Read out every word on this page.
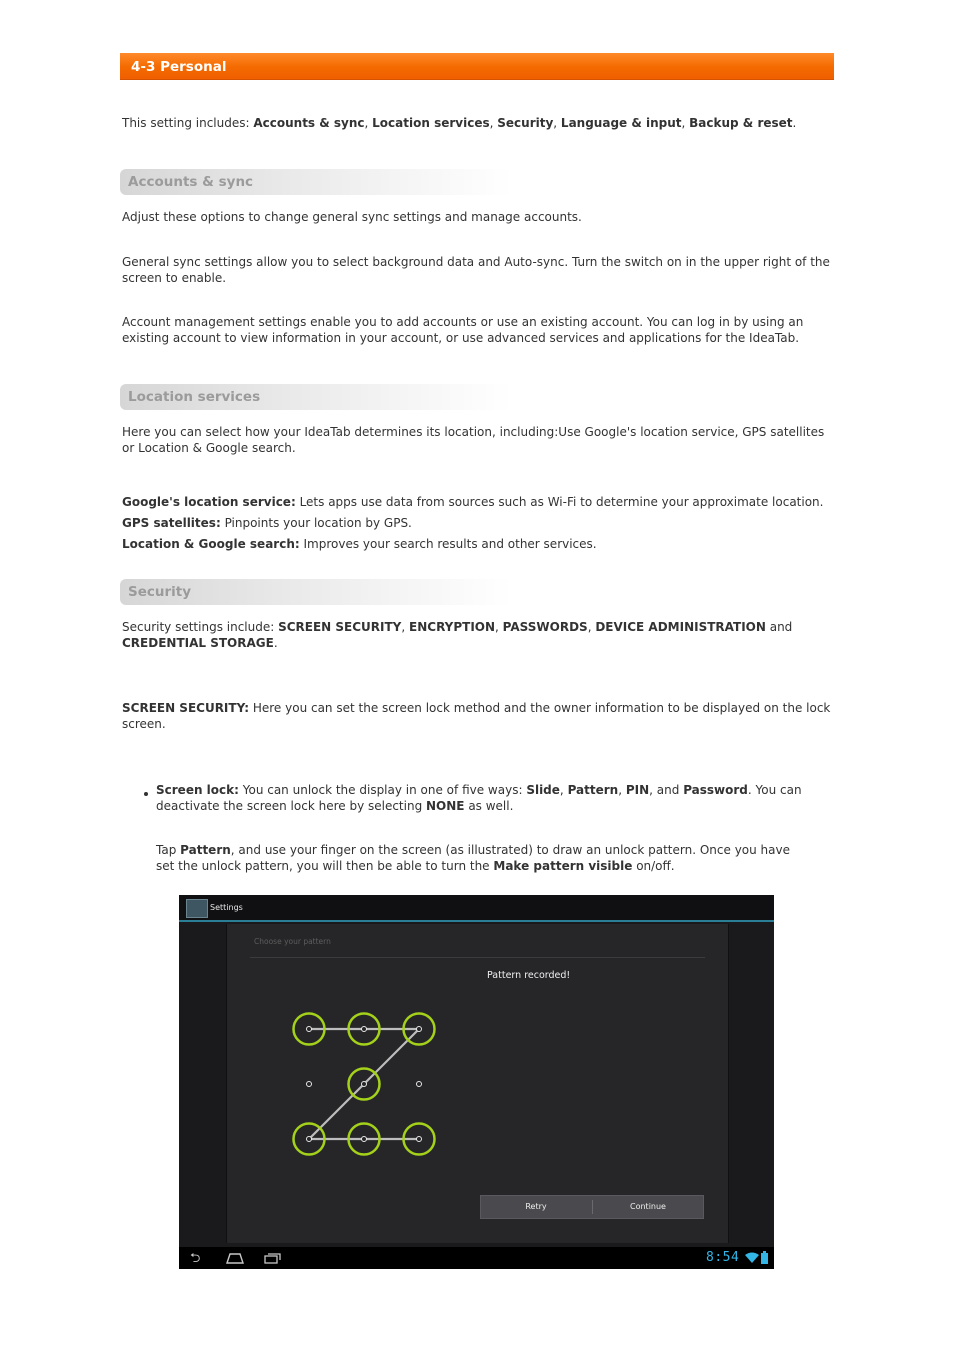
4-3 Personal

This setting includes: Accounts & sync, Location services, Security, Language & input, Backup & reset.

Accounts & sync

Adjust these options to change general sync settings and manage accounts.

General sync settings allow you to select background data and Auto-sync. Turn the switch on in the upper right of the screen to enable.

Account management settings enable you to add accounts or use an existing account. You can log in by using an existing account to view information in your account, or use advanced services and applications for the IdeaTab.

Location services

Here you can select how your IdeaTab determines its location, including:Use Google's location service, GPS satellites or Location & Google search.

Google's location service: Lets apps use data from sources such as Wi-Fi to determine your approximate location.

GPS satellites: Pinpoints your location by GPS.

Location & Google search: Improves your search results and other services.

Security

Security settings include: SCREEN SECURITY, ENCRYPTION, PASSWORDS, DEVICE ADMINISTRATION and CREDENTIAL STORAGE.

SCREEN SECURITY: Here you can set the screen lock method and the owner information to be displayed on the lock screen.

Screen lock: You can unlock the display in one of five ways: Slide, Pattern, PIN, and Password. You can deactivate the screen lock here by selecting NONE as well.

Tap Pattern, and use your finger on the screen (as illustrated) to draw an unlock pattern. Once you have set the unlock pattern, you will then be able to turn the Make pattern visible on/off.

Settings
Choose your pattern
Pattern recorded!
Retry	Continue
⮌	8:54
